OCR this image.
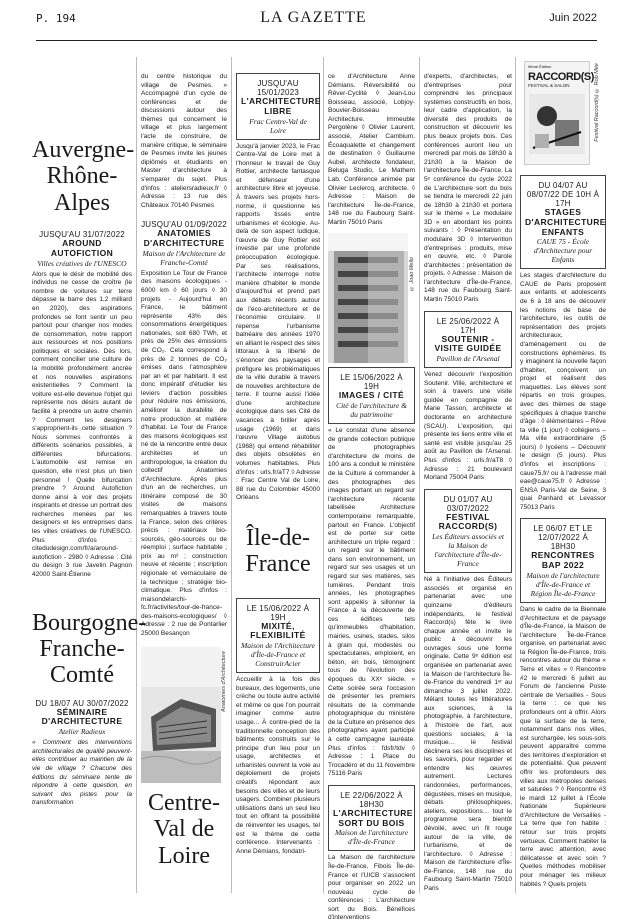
P. 194	LA GAZETTE	Juin 2022
Auvergne-Rhône-Alpes
JUSQU'AU 31/07/2022
AROUND AUTOFICTION
Villes créatives de l'UNESCO

Alors que le désir de mobilité des individus ne cesse de croître (le nombre de voitures sur terre dépasse la barre des 1,2 milliard en 2020), des aspirations profondes se font sentir un peu partout pour changer nos modes de consommation, notre rapport aux ressources et nos positions politiques et sociales. Dès lors, comment concilier une culture de la mobilité profondément ancrée et nos nouvelles aspirations existentielles ? Comment la voiture est-elle devenue l'objet qui représente nos désirs autant de facilité à prendre un autre chemin ? Comment les designers s'approprient-ils cette situation ? Nous sommes confrontés à différents scénarios possibles, à différentes bifurcations. L'automobile est remise en question, elle n'est plus un bien personnel ! Quelle bifurcation prendre ? Around Autofiction donne ainsi à voir des projets inspirants et dresse un portrait des recherches menées par les designers et les entreprises dans les villes créatives de l'UNESCO. Plus d'infos : citedudesign.com/fr/a/around-autofiction - 2980 ◊ Adresse : Cité du design 3 rue Javelin Pagnon 42000 Saint-Étienne

Bourgogne-Franche-Comté
DU 18/07 AU 30/07/2022
SÉMINAIRE D'ARCHITECTURE
Atelier Radieux

« Comment des interventions architecturales de qualité peuvent-elles contribuer au maintien de la vie de village ? Chacune des éditions du séminaire tente de répondre à cette question, en suivant des pistes pour la transformation

du centre historique du village de Pesmes. » Accompagné d'un cycle de conférences et de discussions autour des thèmes qui concernent le village et plus largement l'acte de construire, de manière critique, le séminaire de Pesmes invite les jeunes diplômés et étudiants en Master d'architecture à s'emparer du sujet. Plus d'infos : ateliersradieux.fr ◊ Adresse : 13 rue des Châteaux 70140 Pesmes

JUSQU'AU 01/09/2022
ANATOMIES D'ARCHITECTURE
Maison de l'Architecture de Franche-Comté

Exposition Le Tour de France des maisons écologiques - 6000 km ◊ 60 jours ◊ 30 projets - Aujourd'hui en France, le bâtiment représente 43% des consommations énergétiques nationales, soit 680 TWh, et près de 25% des émissions de CO₂. Cela correspond à près de 2 tonnes de CO₂ émises dans l'atmosphère par an et par habitant. Il est donc impératif d'étudier les leviers d'action possibles pour réduire nos émissions, améliorer la durabilité de notre production et matière d'habitat. Le Tour de France des maisons écologiques est né de la rencontre entre deux architectes et un anthropologue, la création du collectif Anatomies d'Architecture. Après plus d'un an de recherches, un itinéraire composé de 30 visites de maisons remarquables à travers toute la France, selon des critères précis : matériaux bio-sourcés, géo-sourcés ou de réemploi ; surface habitable ; prix au m² ; construction neuve et récente ; inscription régionale et vernaculaire de la technique ; stratégie bio-climatique. Plus d'infos : maisondelarchi-fc.fr/activites/tour-de-france-des-maisons-ecologiques/ ◊ Adresse : 2 rue de Pontarlier 25000 Besançon

Anatomies d'Architecture
JUSQU'AU 15/01/2023
L'ARCHITECTURE LIBRE
Frac Centre-Val de Loire

Jusqu'à janvier 2023, le Frac Centre-Val de Loire met à l'honneur le travail de Guy Rottier, architecte fantasque et défenseur d'une architecture libre et joyeuse. À travers ses projets hors-norme, il questionne les rapports tissés entre urbanismes et écologie. Au-delà de son aspect ludique, l'œuvre de Guy Rottier est investie par une profonde préoccupation écologique. Par ses réalisations, l'architecte interroge notre manière d'habiter le monde d'aujourd'hui et prend part aux débats récents autour de l'éco-architecture et de l'économie circulaire. Il repense l'urbanisme balnéaire des années 1970 en alliant le respect des sites littoraux à la liberté de s'énoncer des paysages et préfigure les problématiques de la ville durable à travers de nouvelles architecture de terre. Il tourne aussi l'idée d'une architecture écologique dans ses Cité de vacances à briller après usage (1969) et dans l'œuvre Village autobus (1968) qui entend réhabiliter des objets obsolètes en volumes habitables. Plus d'infos : urls.fr/aT7 ◊ Adresse : Frac Centre Val de Loire, 88 rue du Colombier 45000 Orléans

Île-de-France
LE 15/06/2022 À 19H
MIXITÉ, FLEXIBILITÉ
Maison de l'Architecture d'Île-de-France et ConstruirAcier

Accueillir à la fois des bureaux, des logements, une crèche ou toute autre activité et même ce que l'on pourrait imaginer comme autre usage... À contre-pied de la traditionnelle conception des bâtiments construits sur le principe d'un lieu pour un usage, architectes et urbanistes ouvrent la voie au déploiement de projets créatifs répondant aux besoins des villes et de leurs usagers. Combiner plusieurs utilisations dans un seul lieu tout en offrant la possibilité de réinventer les usages, tel est le thème de cette conférence. Intervenants : Anne Démians, fondatri-

Centre-Val de Loire

ce d'Architecture Anne Démians. Réversibilité ou Rêver-Cyclité ◊ Jean-Lou Boisseau, associé, Lobjoy-Bouvier-Boisseau Architecture. Immeuble Pergolène ◊ Olivier Laurent, associé, Atelier Cambium. Écoaqualette et changement de destination ◊ Guillaume Aubel, architecte fondateur, Beluga Studio, Le Mathem Lab. Conférence animée par Olivier Leclercq, architecte. ◊ Adresse : Maison de l'architecture Île-de-France, 148 rue du Faubourg Saint-Martin 75010 Paris

© Joao Mello
LE 15/06/2022 À 19H
IMAGES / CITÉ
Cité de l'architecture & du patrimoine

« Le constat d'une absence de grande collection publique de photographies d'architecture de moins de 100 ans a conduit le ministère de la Culture à commander à des photographes des images portant un regard sur l'architecture récente labellisée Architecture contemporaine remarquable, partout en France. L'objectif est de porter sur cette architecture un triple regard : un regard sur le bâtiment dans son environnement, un regard sur ses usages et un regard sur ses matières, ses lumières. Pendant trois années, les photographes sont appelés à sillonner la France à la découverte de ces édifices tels qu'immeubles d'habitation, mairies, usines, stades, silos à grain qui, modestes ou spectaculaires, emploient, en béton, en bois, témoignent tous de l'évolution des époques du XXᵉ siècle. » Cette soirée sera l'occasion de présenter les premiers résultats de la commande photographique du ministère de la Culture en présence des photographes ayant participé à cette campagne lauréate. Plus d'infos : fdsfr/tdv ◊ Adresse : 1 Place du Trocadéro et du 11 Novembre 75116 Paris

LE 22/06/2022 À 18H30
L'ARCHITECTURE SORT DU BOIS
Maison de l'architecture d'Île-de-France

La Maison de l'architecture Île-de-France, Fibois Île-de-France et l'UICB s'associent pour organiser en 2022 un nouveau cycle de conférences : L'architecture sort du Bois. Bénéfices d'interventions

d'experts, d'architectes, et d'entreprises pour comprendre les principaux systèmes constructifs en bois, leur cadre d'application, la diversité des produits de construction et découvrir les plus beaux projets bois. Ces conférences auront lieu un mercredi par mois de 18h30 à 21h30 à la Maison de l'architecture Île-de-France. La 5ᵉ conférence du cycle 2022 de L'architecture sort du bois se tiendra le mercredi 22 juin de 18h30 à 21h30 et portera sur le thème « Le modulaire 3D » en abordant les points suivants : ◊ Présentation du modulaire 3D ◊ Intervention d'entreprises : produits, mise en œuvre, etc. ◊ Parole d'architectes : présentation de projets. ◊ Adresse : Maison de l'architecture d'Île-de-France, 148 rue du Faubourg Saint-Martin 75010 Paris

LE 25/06/2022 À 17H
SOUTENIR - VISITE GUIDÉE
Pavillon de l'Arsenal

Venez découvrir l'exposition Soutenir. Ville, architecture et soin à travers une visite guidée en compagnie de Marie Tasson, architecte et doctorante en architecture (SCAU). L'exposition, qui présente les liens entre ville et santé est visible jusqu'au 25 août au Pavillon de l'Arsenal. Plus d'infos : urls.fr/aT8 ◊ Adresse : 21 boulevard Morland 75004 Paris

DU 01/07 AU 03/07/2022
FESTIVAL RACCORD(S)
Les Éditeurs associés et la Maison de l'architecture d'Île-de-France

Né à l'initiative des Éditeurs associés et organisé en partenariat avec une quinzaine d'éditeurs indépendants, le festival Raccord(s) fête le livre chaque année et invite le public à découvrir les ouvrages sous une forme originale. Cette 9ᵉ édition est organisée en partenariat avec la Maison de l'architecture Île-de-France du vendredi 1ᵉʳ au dimanche 3 juillet 2022. Mêlant toutes les littératures aux sciences, à la photographie, à l'architecture, à l'histoire de l'art, aux questions sociales, à la musique… le festival déclinera ses les disciplines et les savoirs, pour regarder et entendre les œuvres autrement. Lectures randonnées, performances, dégustées, mises en musique, débats philosophiques, ateliers, expositions… tout le programme sera bientôt dévoilé, avec un fil rouge autour de la ville, de l'urbanisme, et de l'architecture. ◊ Adresse : Maison de l'architecture d'Île-de-France, 148 rue du Faubourg Saint-Martin 75010 Paris

9ème Édition
RACCORD(S)
FESTIVAL & SALON	Festival Raccord(s) © Rob Mée
DU 04/07 AU 08/07/22 DE 10H À 17H
STAGES D'ARCHITECTURE ENFANTS
CAUE 75 - École d'Architecture pour Enfants

Les stages d'architecture du CAUE de Paris proposent aux enfants et adolescents de 6 à 18 ans de découvrir les notions de base de l'architecture, les outils de représentation des projets architecturaux, d'aménagement ou de constructions éphémères. Ils y imaginent la nouvelle façon d'habiter, conçoivent un projet et réalisent des maquettes. Les élèves sont répartis en trois groupes, avec des thèmes de stage spécifiques à chaque tranche d'âge : ◊ élémentaires – Rêve ta ville (1 jour) ◊ collégiens – Ma ville extraordinaire (5 jours) ◊ lycéens – Découvrir le design (5 jours). Plus d'infos et inscriptions : caue75.fr/ ou à l'adresse mail eae@caue75.fr ◊ Adresse : ENSA Paris-Val de Seine, 3 quai Panhard et Levassor 75013 Paris

LE 06/07 ET LE 12/07/2022 À 18H30
RENCONTRES BAP 2022
Maison de l'architecture d'Île-de-France et Région Île-de-France

Dans le cadre de la Biennale d'Architecture et de paysage d'Île-de-France, la Maison de l'architecture Île-de-France organise, en partenariat avec la Région Île-de-France, trois rencontres autour du thème « Terre et villes » ◊ Rencontre #2 le mercredi 6 juillet au Forum de l'ancienne Poste centrale de Versailles - Sous la terre : ce que les profondeurs ont à offrir. Alors que la surface de la terre, notamment dans nos villes, est surchargée, les sous-sols peuvent apparaître comme des territoires d'exploration et de potentialité. Que peuvent offrir les profondeurs des villes aux métropoles denses et saturées ? ◊ Rencontre #3 le mardi 12 juillet à l'École Nationale Supérieure d'Architecture de Versailles - La terre que l'on habite : retour sur trois projets vertueux. Comment habiter la terre avec attention, avec délicatesse et avec soin ? Quelles méthodes mobiliser pour ménager les milieux habités ? Quels projets
